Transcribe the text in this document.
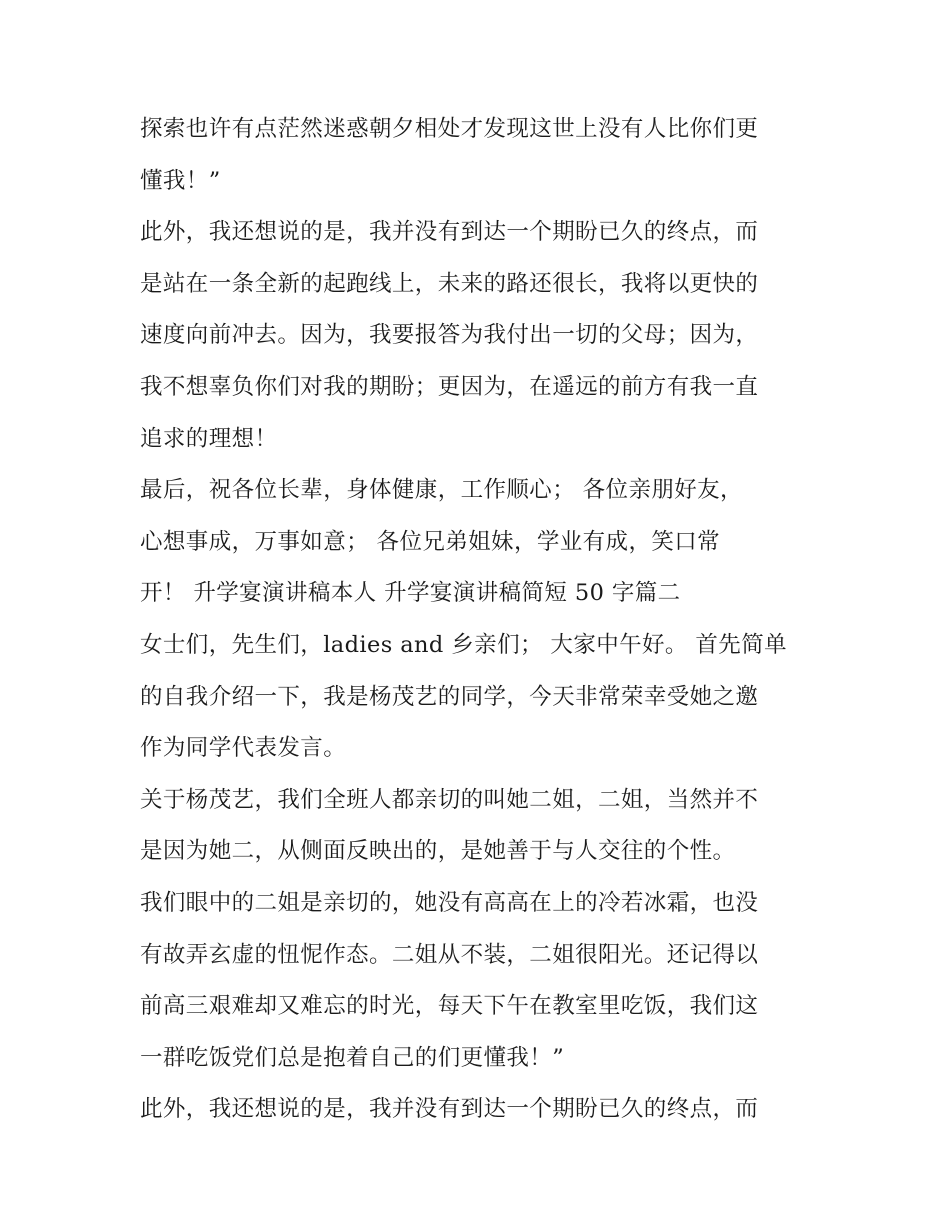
探索也许有点茫然迷惑朝夕相处才发现这世上没有人比你们更
懂我！”
此外，我还想说的是，我并没有到达一个期盼已久的终点，而
是站在一条全新的起跑线上，未来的路还很长，我将以更快的
速度向前冲去。因为，我要报答为我付出一切的父母；因为，
我不想辜负你们对我的期盼；更因为，在遥远的前方有我一直
追求的理想！
最后，祝各位长辈，身体健康，工作顺心； 各位亲朋好友，
心想事成，万事如意； 各位兄弟姐妹，学业有成，笑口常
开！ 升学宴演讲稿本人 升学宴演讲稿简短 50 字篇二
女士们，先生们，ladies and 乡亲们； 大家中午好。 首先简单
的自我介绍一下，我是杨茂艺的同学，今天非常荣幸受她之邀
作为同学代表发言。
关于杨茂艺，我们全班人都亲切的叫她二姐，二姐，当然并不
是因为她二，从侧面反映出的，是她善于与人交往的个性。
我们眼中的二姐是亲切的，她没有高高在上的冷若冰霜，也没
有故弄玄虚的忸怩作态。二姐从不装，二姐很阳光。还记得以
前高三艰难却又难忘的时光，每天下午在教室里吃饭，我们这
一群吃饭党们总是抱着自己的们更懂我！”
此外，我还想说的是，我并没有到达一个期盼已久的终点，而
